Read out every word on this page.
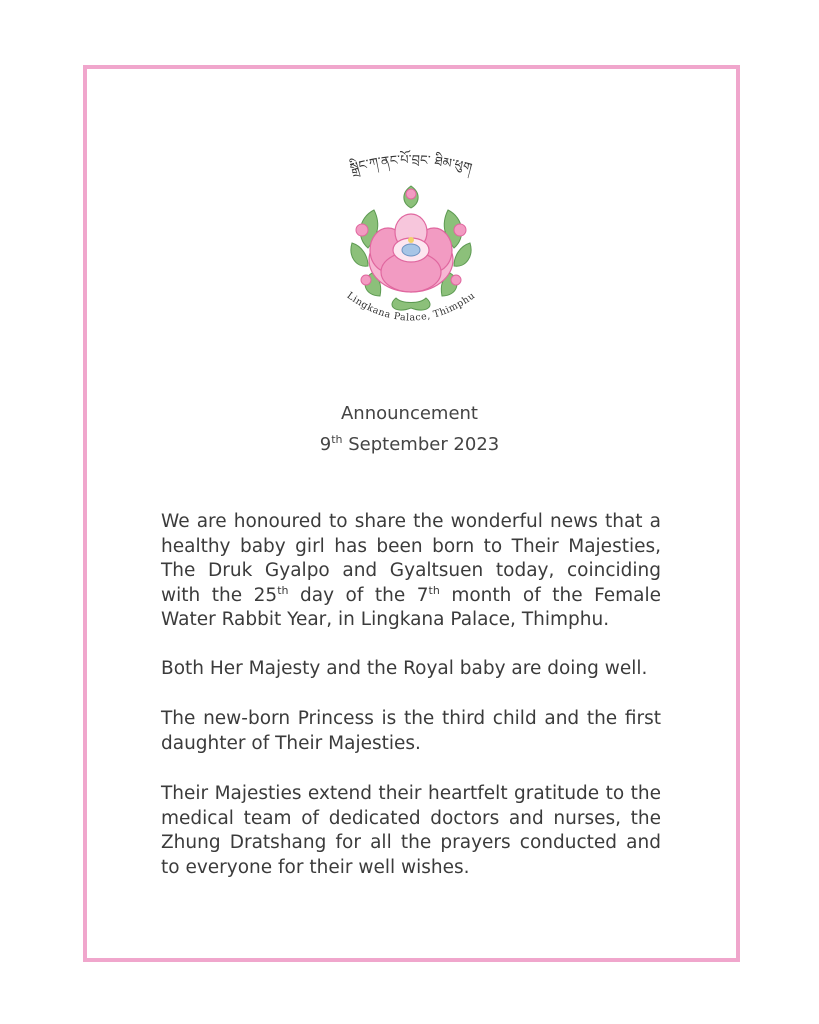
སྒྲིང་ཀ་ནང་པོ་བྲང་ ཐིམ་ཕུག
Lingkana Palace, Thimphu
Announcement
9th September 2023

We are honoured to share the wonderful news that a healthy baby girl has been born to Their Majesties, The Druk Gyalpo and Gyaltsuen today, coinciding with the 25th day of the 7th month of the Female Water Rabbit Year, in Lingkana Palace, Thimphu.

Both Her Majesty and the Royal baby are doing well.

The new-born Princess is the third child and the first daughter of Their Majesties.

Their Majesties extend their heartfelt gratitude to the medical team of dedicated doctors and nurses, the Zhung Dratshang for all the prayers conducted and to everyone for their well wishes.
